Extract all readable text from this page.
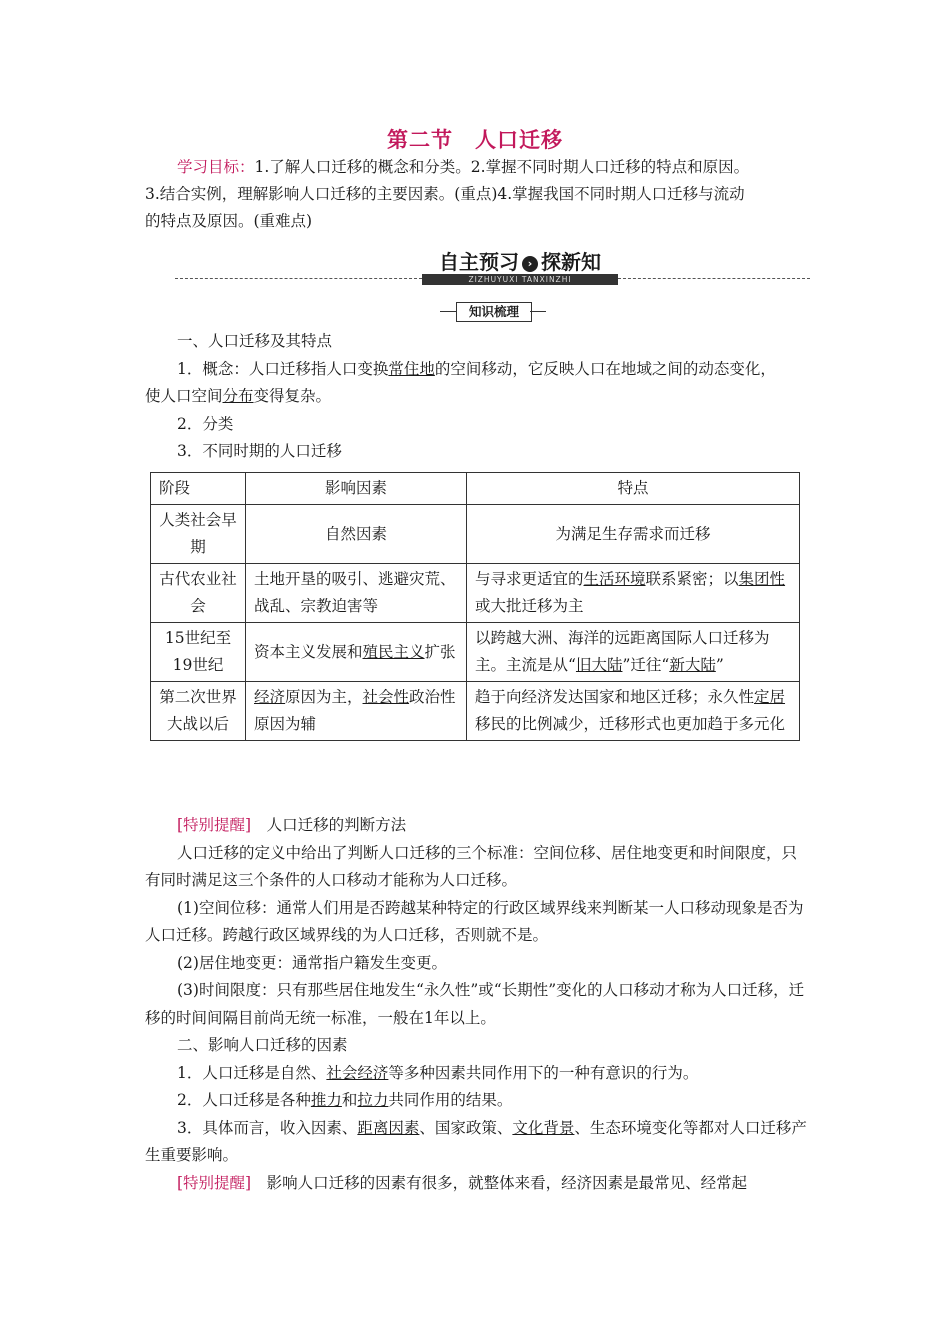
第二节　人口迁移
学习目标：1.了解人口迁移的概念和分类。2.掌握不同时期人口迁移的特点和原因。
3.结合实例，理解影响人口迁移的主要因素。(重点)4.掌握我国不同时期人口迁移与流动
的特点及原因。(重难点)
自主预习 › 探新知
ZIZHUYUXI TANXINZHI
知识梳理

一、人口迁移及其特点

1．概念：人口迁移指人口变换常住地的空间移动，它反映人口在地域之间的动态变化，

使人口空间分布变得复杂。

2．分类

3．不同时期的人口迁移

阶段	影响因素	特点
人类社会早期	自然因素	为满足生存需求而迁移
古代农业社会	土地开垦的吸引、逃避灾荒、战乱、宗教迫害等	与寻求更适宜的生活环境联系紧密；以集团性或大批迁移为主
15世纪至19世纪	资本主义发展和殖民主义扩张	以跨越大洲、海洋的远距离国际人口迁移为主。主流是从“旧大陆”迁往“新大陆”
第二次世界大战以后	经济原因为主，社会性政治性原因为辅	趋于向经济发达国家和地区迁移；永久性定居移民的比例减少，迁移形式也更加趋于多元化

[特别提醒]　 人口迁移的判断方法

人口迁移的定义中给出了判断人口迁移的三个标准：空间位移、居住地变更和时间限度，只有同时满足这三个条件的人口移动才能称为人口迁移。

(1)空间位移：通常人们用是否跨越某种特定的行政区域界线来判断某一人口移动现象是否为人口迁移。跨越行政区域界线的为人口迁移，否则就不是。

(2)居住地变更：通常指户籍发生变更。

(3)时间限度：只有那些居住地发生“永久性”或“长期性”变化的人口移动才称为人口迁移，迁移的时间间隔目前尚无统一标准，一般在1年以上。

二、影响人口迁移的因素

1．人口迁移是自然、社会经济等多种因素共同作用下的一种有意识的行为。

2．人口迁移是各种推力和拉力共同作用的结果。

3．具体而言，收入因素、距离因素、国家政策、文化背景、生态环境变化等都对人口迁移产生重要影响。

[特别提醒]　 影响人口迁移的因素有很多，就整体来看，经济因素是最常见、经常起
